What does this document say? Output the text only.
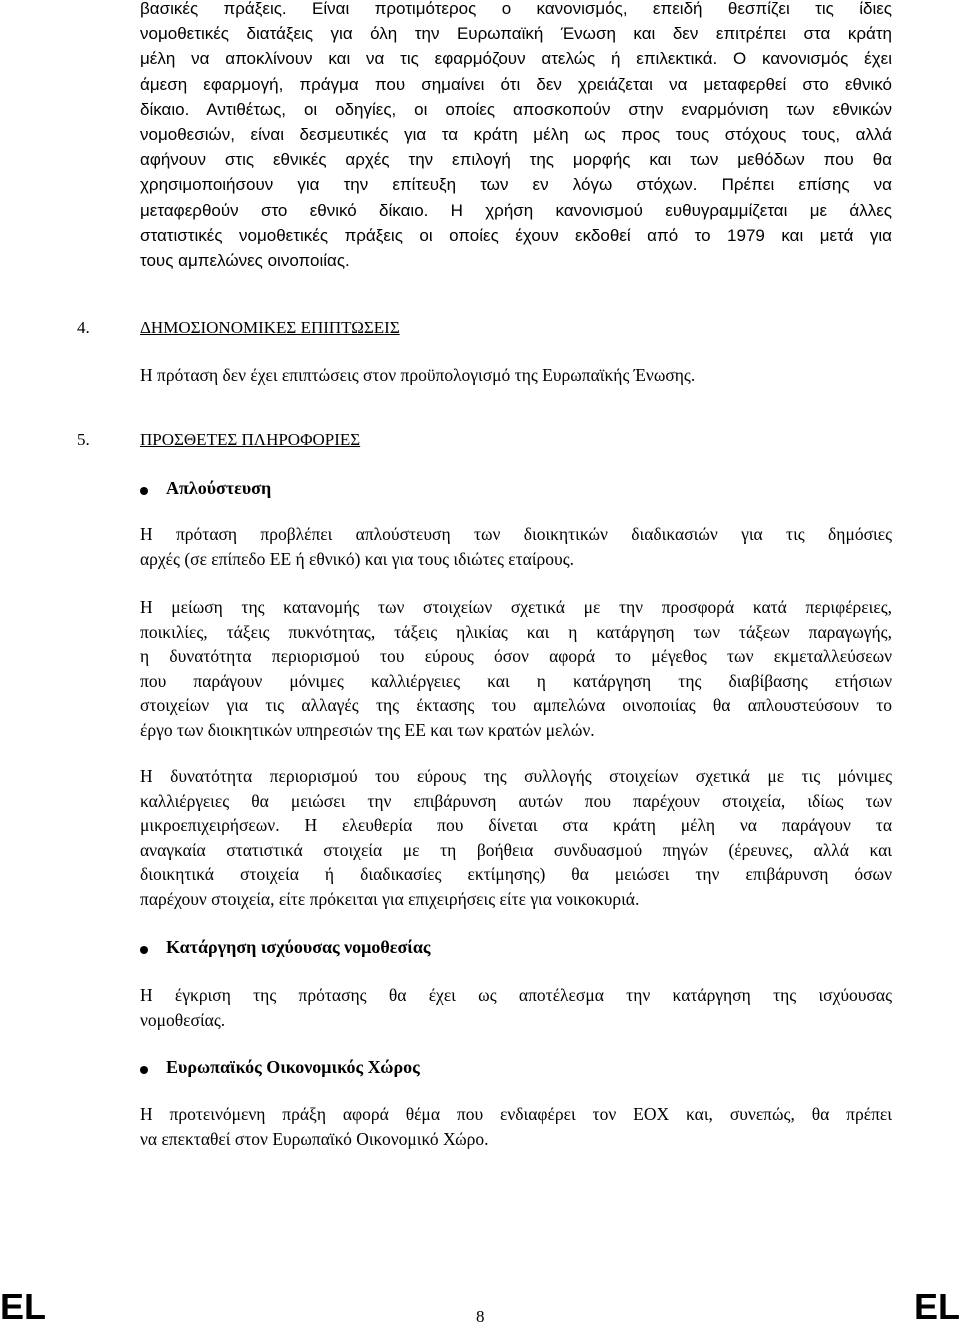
βασικές πράξεις. Είναι προτιμότερος ο κανονισμός, επειδή θεσπίζει τις ίδιες
νομοθετικές διατάξεις για όλη την Ευρωπαϊκή Ένωση και δεν επιτρέπει στα κράτη
μέλη να αποκλίνουν και να τις εφαρμόζουν ατελώς ή επιλεκτικά. Ο κανονισμός έχει
άμεση εφαρμογή, πράγμα που σημαίνει ότι δεν χρειάζεται να μεταφερθεί στο εθνικό
δίκαιο. Αντιθέτως, οι οδηγίες, οι οποίες αποσκοπούν στην εναρμόνιση των εθνικών
νομοθεσιών, είναι δεσμευτικές για τα κράτη μέλη ως προς τους στόχους τους, αλλά
αφήνουν στις εθνικές αρχές την επιλογή της μορφής και των μεθόδων που θα
χρησιμοποιήσουν για την επίτευξη των εν λόγω στόχων. Πρέπει επίσης να
μεταφερθούν στο εθνικό δίκαιο. Η χρήση κανονισμού ευθυγραμμίζεται με άλλες
στατιστικές νομοθετικές πράξεις οι οποίες έχουν εκδοθεί από το 1979 και μετά για
τους αμπελώνες οινοποιίας.
4.	ΔΗΜΟΣΙΟΝΟΜΙΚΕΣ ΕΠΙΠΤΩΣΕΙΣ
Η πρόταση δεν έχει επιπτώσεις στον προϋπολογισμό της Ευρωπαϊκής Ένωσης.
5.	ΠΡΟΣΘΕΤΕΣ ΠΛΗΡΟΦΟΡΙΕΣ
Απλούστευση
Η πρόταση προβλέπει απλούστευση των διοικητικών διαδικασιών για τις δημόσιες
αρχές (σε επίπεδο ΕΕ ή εθνικό) και για τους ιδιώτες εταίρους.
Η μείωση της κατανομής των στοιχείων σχετικά με την προσφορά κατά περιφέρειες,
ποικιλίες, τάξεις πυκνότητας, τάξεις ηλικίας και η κατάργηση των τάξεων παραγωγής,
η δυνατότητα περιορισμού του εύρους όσον αφορά το μέγεθος των εκμεταλλεύσεων
που παράγουν μόνιμες καλλιέργειες και η κατάργηση της διαβίβασης ετήσιων
στοιχείων για τις αλλαγές της έκτασης του αμπελώνα οινοποιίας θα απλουστεύσουν το
έργο των διοικητικών υπηρεσιών της ΕΕ και των κρατών μελών.
Η δυνατότητα περιορισμού του εύρους της συλλογής στοιχείων σχετικά με τις μόνιμες
καλλιέργειες θα μειώσει την επιβάρυνση αυτών που παρέχουν στοιχεία, ιδίως των
μικροεπιχειρήσεων. Η ελευθερία που δίνεται στα κράτη μέλη να παράγουν τα
αναγκαία στατιστικά στοιχεία με τη βοήθεια συνδυασμού πηγών (έρευνες, αλλά και
διοικητικά στοιχεία ή διαδικασίες εκτίμησης) θα μειώσει την επιβάρυνση όσων
παρέχουν στοιχεία, είτε πρόκειται για επιχειρήσεις είτε για νοικοκυριά.
Κατάργηση ισχύουσας νομοθεσίας
Η έγκριση της πρότασης θα έχει ως αποτέλεσμα την κατάργηση της ισχύουσας
νομοθεσίας.
Ευρωπαϊκός Οικονομικός Χώρος
Η προτεινόμενη πράξη αφορά θέμα που ενδιαφέρει τον ΕΟΧ και, συνεπώς, θα πρέπει
να επεκταθεί στον Ευρωπαϊκό Οικονομικό Χώρο.
EL	8	EL
